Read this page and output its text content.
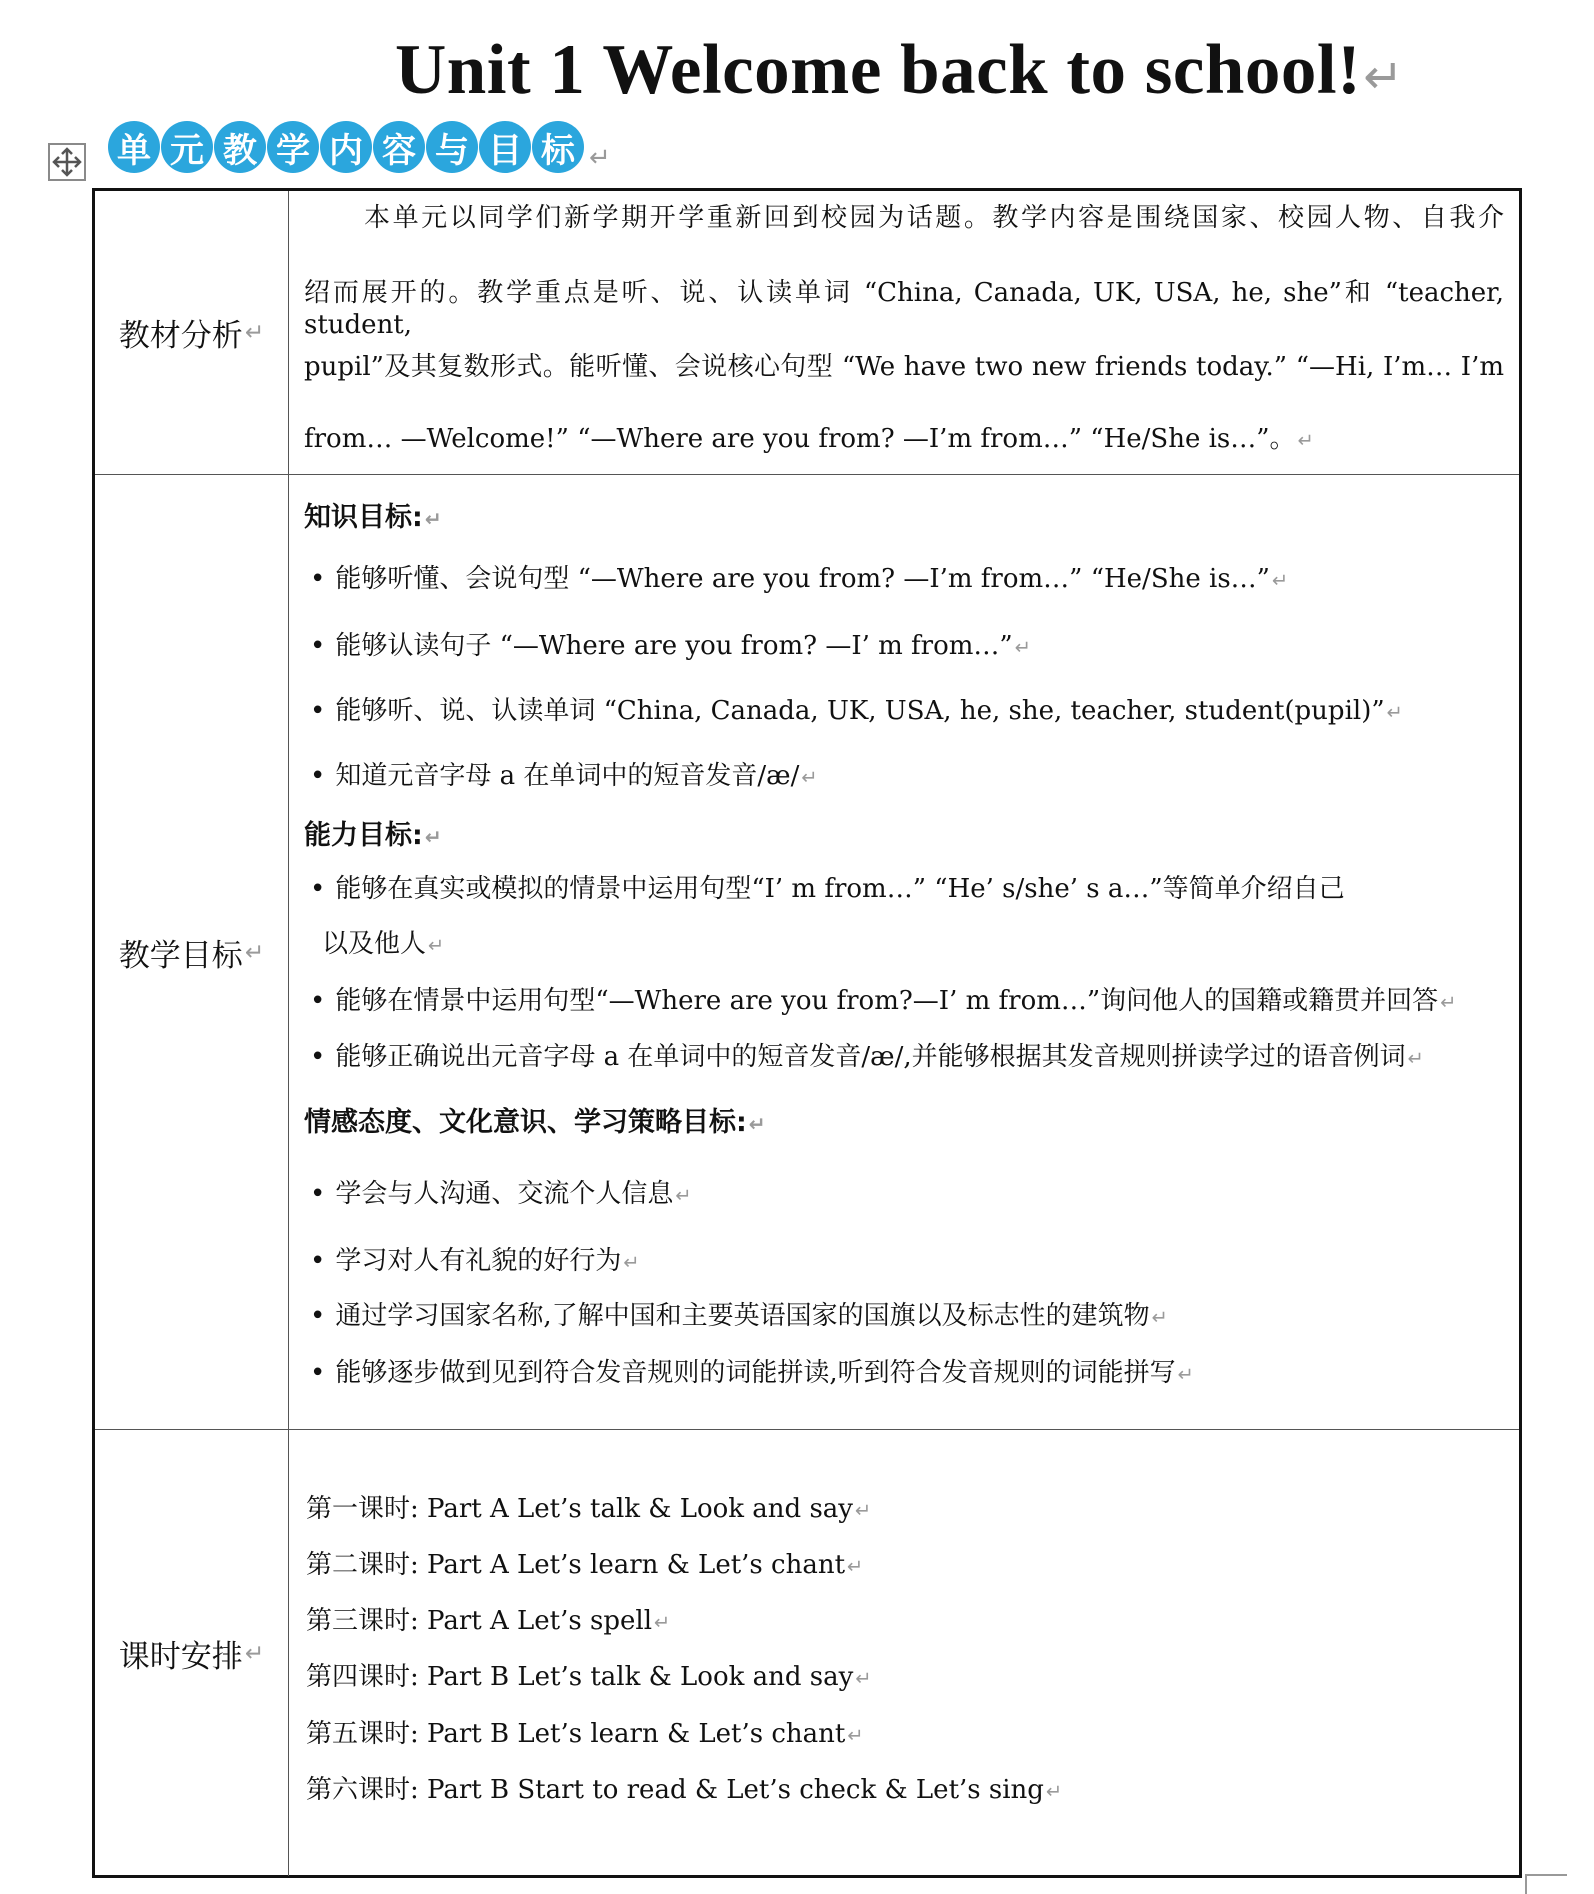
Unit 1 Welcome back to school!↵
单 元 教 学 内 容 与 目 标 ↵
教材分析 ↵
本单元以同学们新学期开学重新回到校园为话题。教学内容是围绕国家、校园人物、自我介
绍而展开的。教学重点是听、说、认读单词 “China, Canada, UK, USA, he, she”和 “teacher, student,
pupil”及其复数形式。能听懂、会说核心句型 “We have two new friends today.” “—Hi, I’m… I’m
from… —Welcome!” “—Where are you from? —I’m from…” “He/She is…”。 ↵
教学目标 ↵
知识目标:↵
• 能够听懂、会说句型 “—Where are you from? —I’m from…” “He/She is…” ↵
• 能够认读句子 “—Where are you from? —I’ m from…” ↵
• 能够听、说、认读单词 “China, Canada, UK, USA, he, she, teacher, student(pupil)” ↵
• 知道元音字母 a 在单词中的短音发音/æ/ ↵
能力目标:↵
• 能够在真实或模拟的情景中运用句型“I’ m from…” “He’ s/she’ s a…”等简单介绍自己
以及他人 ↵
• 能够在情景中运用句型“—Where are you from?—I’ m from…”询问他人的国籍或籍贯并回答 ↵
• 能够正确说出元音字母 a 在单词中的短音发音/æ/,并能够根据其发音规则拼读学过的语音例词 ↵
情感态度、文化意识、学习策略目标:↵
• 学会与人沟通、交流个人信息 ↵
• 学习对人有礼貌的好行为 ↵
• 通过学习国家名称,了解中国和主要英语国家的国旗以及标志性的建筑物 ↵
• 能够逐步做到见到符合发音规则的词能拼读,听到符合发音规则的词能拼写 ↵
课时安排 ↵
第一课时: Part A Let’s talk & Look and say ↵
第二课时: Part A Let’s learn & Let’s chant ↵
第三课时: Part A Let’s spell ↵
第四课时: Part B Let’s talk & Look and say ↵
第五课时: Part B Let’s learn & Let’s chant ↵
第六课时: Part B Start to read & Let’s check & Let’s sing ↵
